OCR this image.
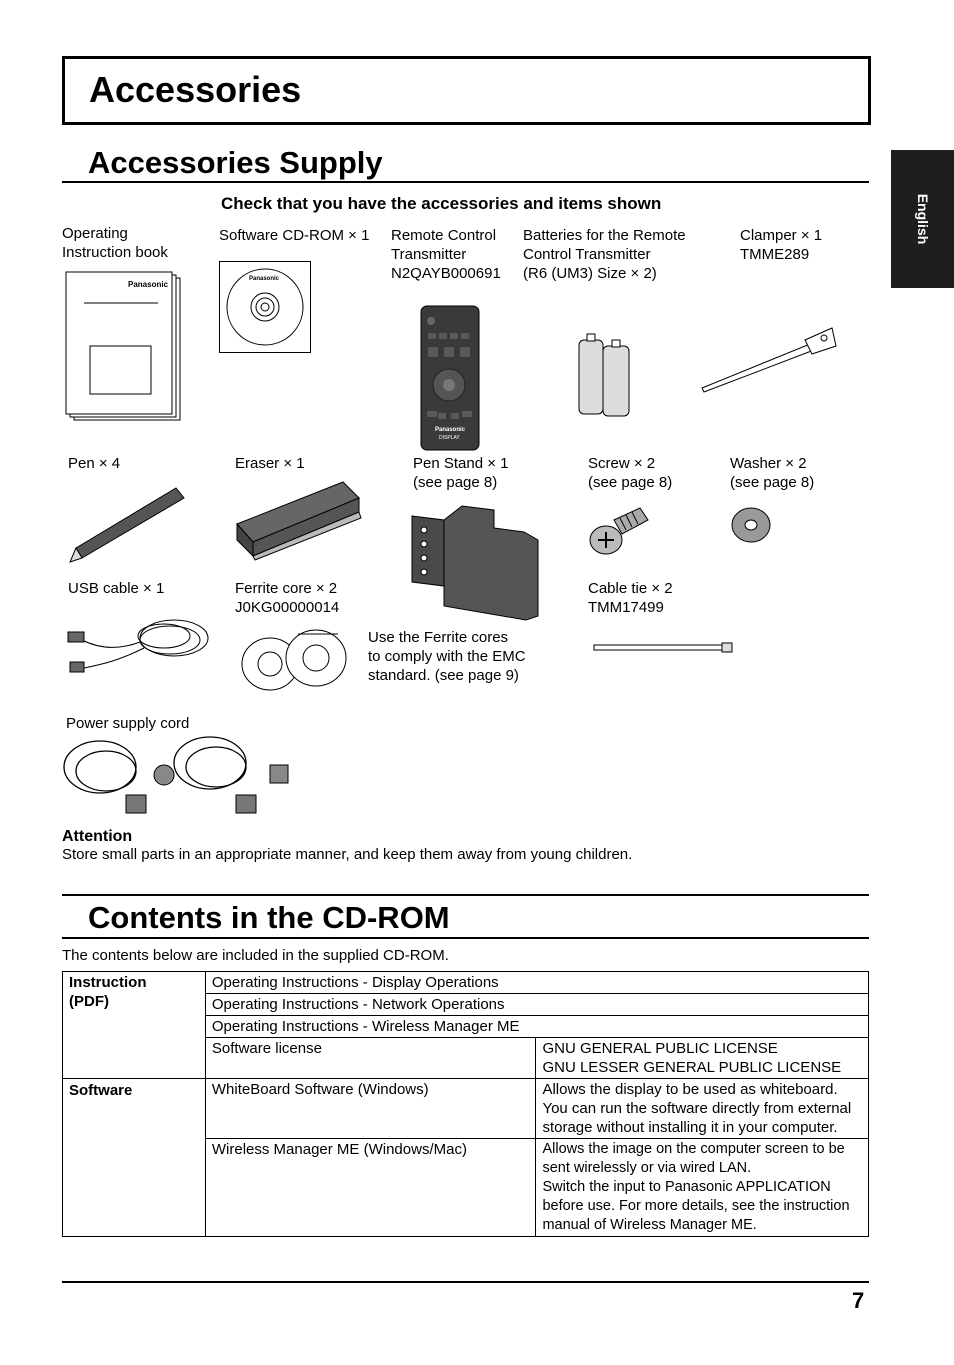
Accessories
English
Accessories Supply
Check that you have the accessories and items shown
Operating
Instruction book
Software CD-ROM × 1 Remote Control
Transmitter
N2QAYB000691
Batteries for the Remote
Control Transmitter
(R6 (UM3) Size × 2)
Clamper × 1
TMME289
Panasonic
Panasonic
Panasonic
DISPLAY
Pen × 4	Eraser × 1	Pen Stand × 1
(see page 8)
Screw × 2
(see page 8)
Washer × 2
(see page 8)
USB cable × 1	Ferrite core × 2
J0KG00000014
Use the Ferrite cores
to comply with the EMC
standard. (see page 9)
Cable tie × 2
TMM17499
Power supply cord
Attention
Store small parts in an appropriate manner, and keep them away from young children.
Contents in the CD-ROM
The contents below are included in the supplied CD-ROM.
Instruction
(PDF)	Operating Instructions - Display Operations	
	Operating Instructions - Network Operations	
	Operating Instructions - Wireless Manager ME	
	Software license	GNU GENERAL PUBLIC LICENSE
GNU LESSER GENERAL PUBLIC LICENSE
Software	WhiteBoard Software (Windows)	Allows the display to be used as whiteboard.
You can run the software directly from external storage without installing it in your computer.
	Wireless Manager ME (Windows/Mac)	Allows the image on the computer screen to be sent wirelessly or via wired LAN.
Switch the input to Panasonic APPLICATION before use. For more details, see the instruction manual of Wireless Manager ME.
7
